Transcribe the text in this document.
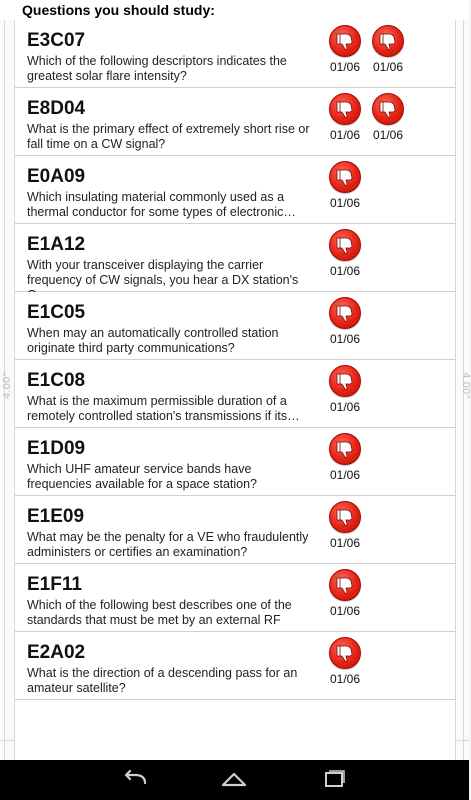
4.00"	4.00"
Questions you should study:
E3C07
Which of the following descriptors indicates the greatest solar flare intensity?
01/06	01/06
E8D04
What is the primary effect of extremely short rise or fall time on a CW signal?
01/06	01/06
E0A09
Which insulating material commonly used as a thermal conductor for some types of electronic…
01/06
E1A12
With your transceiver displaying the carrier frequency of CW signals, you hear a DX station's
01/06
E1C05
When may an automatically controlled station originate third party communications?
01/06
E1C08
What is the maximum permissible duration of a remotely controlled station's transmissions if its…
01/06
E1D09
Which UHF amateur service bands have frequencies available for a space station?
01/06
E1E09
What may be the penalty for a VE who fraudulently administers or certifies an examination?
01/06
E1F11
Which of the following best describes one of the standards that must be met by an external RF
01/06
E2A02
What is the direction of a descending pass for an amateur satellite?
01/06
